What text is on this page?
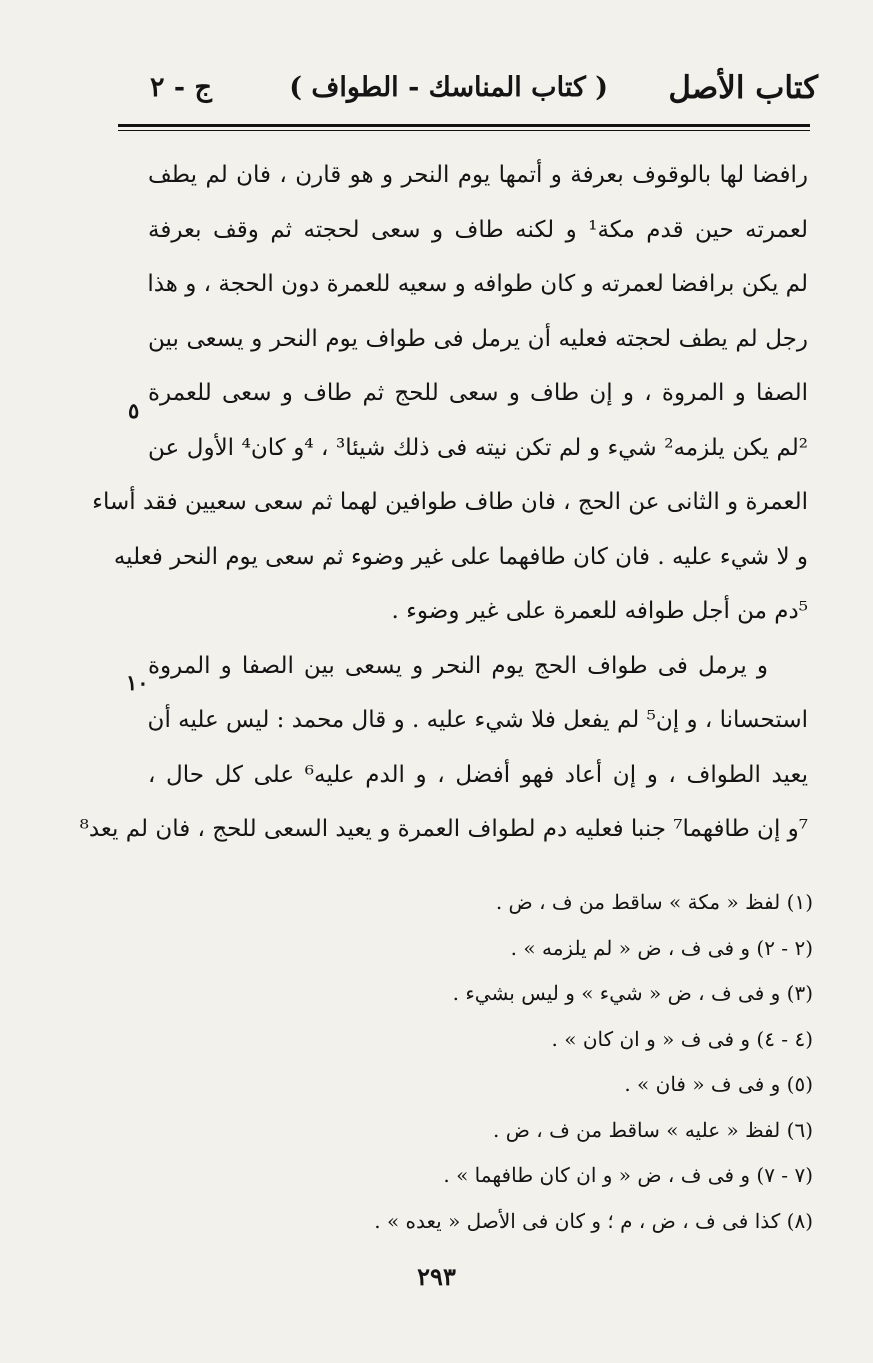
كتاب الأصل
( كتاب المناسك - الطواف )
ج - ٢
رافضا لها بالوقوف بعرفة و أتمها يوم النحر و هو قارن ، فان لم يطف
لعمرته حين قدم مكة¹ و لكنه طاف و سعى لحجته ثم وقف بعرفة
لم يكن برافضا لعمرته و كان طوافه و سعيه للعمرة دون الحجة ، و هذا
رجل لم يطف لحجته فعليه أن يرمل فى طواف يوم النحر و يسعى بين
الصفا و المروة ، و إن طاف و سعى للحج ثم طاف و سعى للعمرة
²لم يكن يلزمه² شيء و لم تكن نيته فى ذلك شيئا³ ، ⁴و كان⁴ الأول عن
العمرة و الثانى عن الحج ، فان طاف طوافين لهما ثم سعى سعيين فقد أساء
و لا شيء عليه . فان كان طافهما على غير وضوء ثم سعى يوم النحر فعليه
⁵دم من أجل طوافه للعمرة على غير وضوء .
و يرمل فى طواف الحج يوم النحر و يسعى بين الصفا و المروة
استحسانا ، و إن⁵ لم يفعل فلا شيء عليه . و قال محمد : ليس عليه أن
يعيد الطواف ، و إن أعاد فهو أفضل ، و الدم عليه⁶ على كل حال ،
⁷و إن طافهما⁷ جنبا فعليه دم لطواف العمرة و يعيد السعى للحج ، فان لم يعد⁸
٥
١٠
(١) لفظ « مكة » ساقط من ف ، ض .
(٢ - ٢) و فى ف ، ض « لم يلزمه » .
(٣) و فى ف ، ض « شيء » و ليس بشيء .
(٤ - ٤) و فى ف « و ان كان » .
(٥) و فى ف « فان » .
(٦) لفظ « عليه » ساقط من ف ، ض .
(٧ - ٧) و فى ف ، ض « و ان كان طافهما » .
(٨) كذا فى ف ، ض ، م ؛ و كان فى الأصل « يعده » .
٢٩٣
